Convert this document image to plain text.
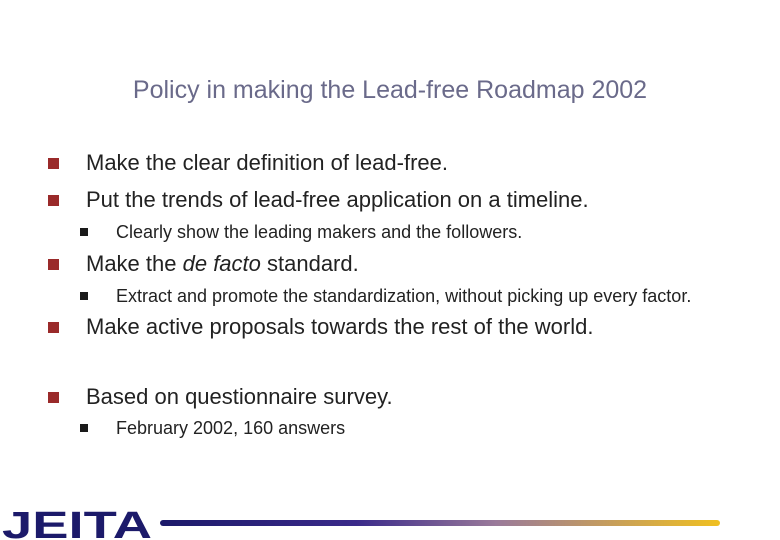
Policy in making the Lead-free Roadmap 2002
Make the clear definition of lead-free.
Put the trends of lead-free application on a timeline.
Clearly show the leading makers and the followers.
Make the de facto standard.
Extract and promote the standardization, without picking up every factor.
Make active proposals towards the rest of the world.
Based on questionnaire survey.
February 2002, 160 answers
JEITA
